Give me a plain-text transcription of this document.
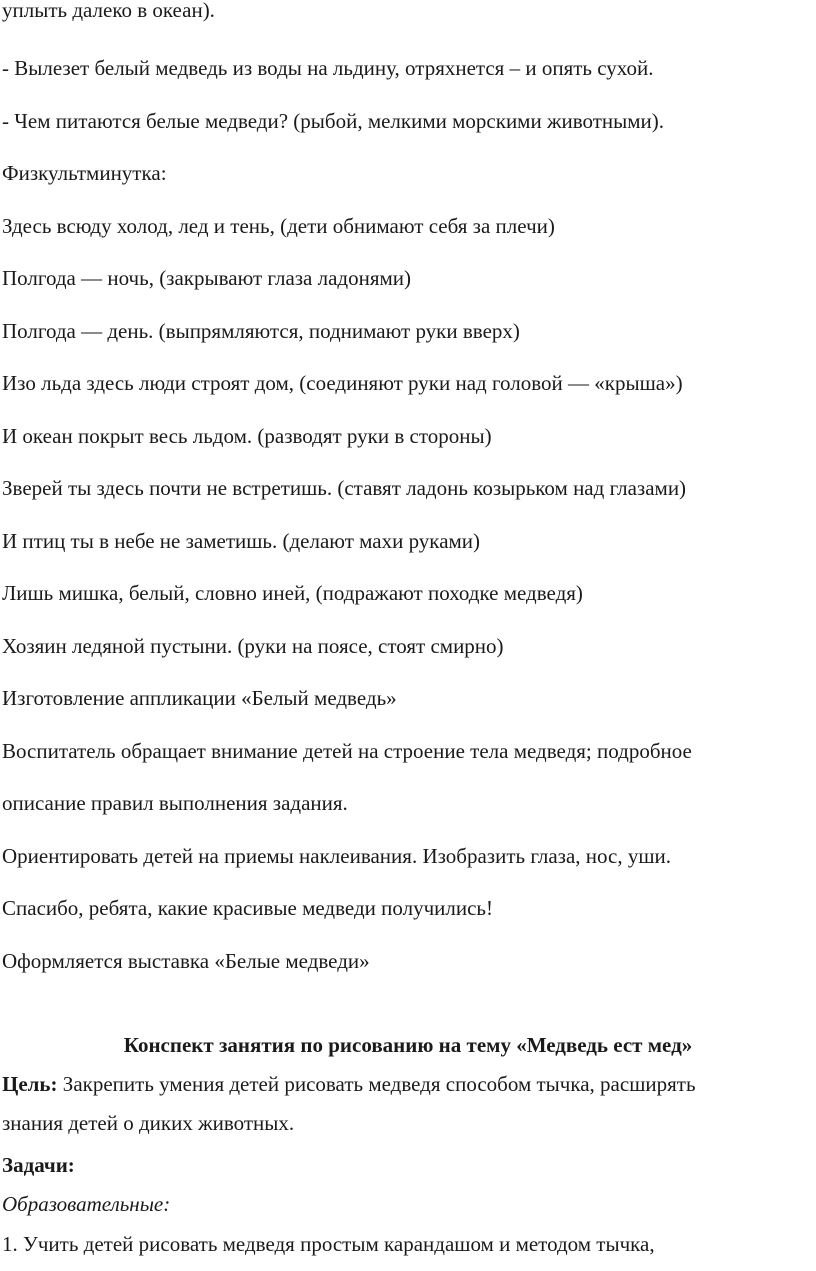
уплыть далеко в океан).
- Вылезет белый медведь из воды на льдину, отряхнется – и опять сухой.
- Чем питаются белые медведи? (рыбой, мелкими морскими животными).
Физкультминутка:
Здесь всюду холод, лед и тень, (дети обнимают себя за плечи)
Полгода — ночь, (закрывают глаза ладонями)
Полгода — день. (выпрямляются, поднимают руки вверх)
Изо льда здесь люди строят дом, (соединяют руки над головой — «крыша»)
И океан покрыт весь льдом. (разводят руки в стороны)
Зверей ты здесь почти не встретишь. (ставят ладонь козырьком над глазами)
И птиц ты в небе не заметишь. (делают махи руками)
Лишь мишка, белый, словно иней, (подражают походке медведя)
Хозяин ледяной пустыни. (руки на поясе, стоят смирно)
Изготовление аппликации «Белый медведь»
Воспитатель обращает внимание детей на строение тела медведя; подробное
описание правил выполнения задания.
Ориентировать детей на приемы наклеивания. Изобразить глаза, нос, уши.
Спасибо, ребята, какие красивые медведи получились!
Оформляется выставка «Белые медведи»
Конспект занятия по рисованию на тему «Медведь ест мед»
Цель: Закрепить умения детей рисовать медведя способом тычка, расширять
знания детей о диких животных.
Задачи:
Образовательные:
1. Учить детей рисовать медведя простым карандашом и методом тычка,
